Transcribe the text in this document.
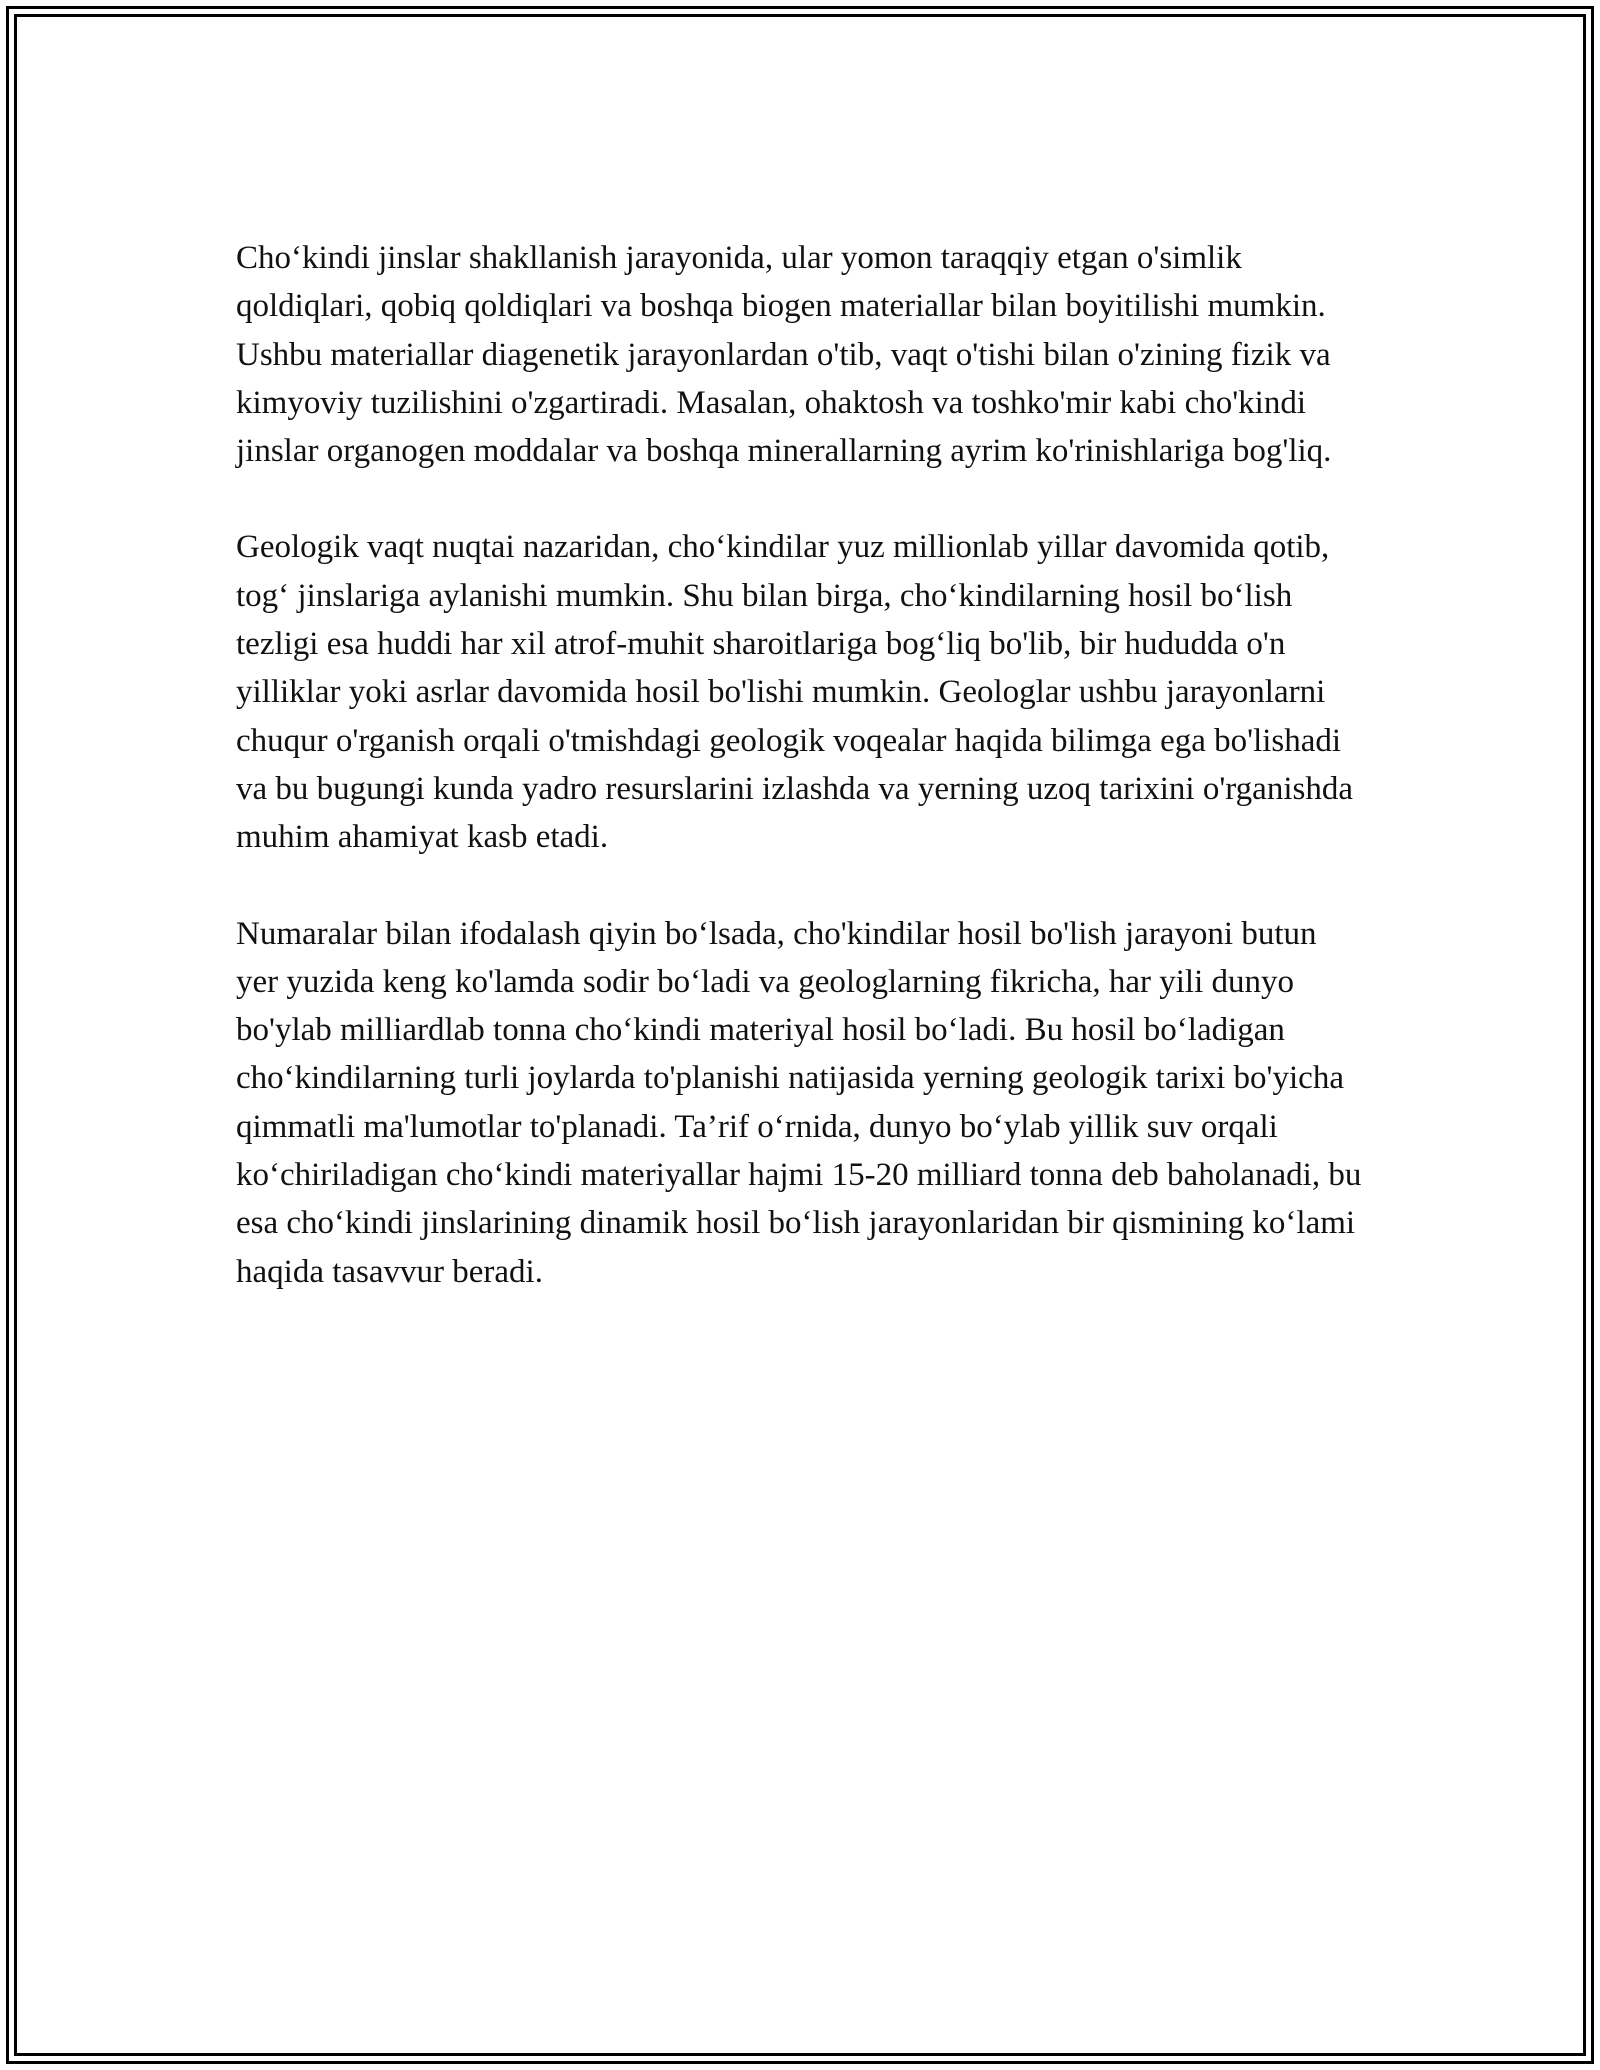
Cho‘kindi jinslar shakllanish jarayonida, ular yomon taraqqiy etgan o'simlik qoldiqlari, qobiq qoldiqlari va boshqa biogen materiallar bilan boyitilishi mumkin. Ushbu materiallar diagenetik jarayonlardan o'tib, vaqt o'tishi bilan o'zining fizik va kimyoviy tuzilishini o'zgartiradi. Masalan, ohaktosh va toshko'mir kabi cho'kindi jinslar organogen moddalar va boshqa minerallarning ayrim ko'rinishlariga bog'liq.

Geologik vaqt nuqtai nazaridan, cho‘kindilar yuz millionlab yillar davomida qotib, tog‘ jinslariga aylanishi mumkin. Shu bilan birga, cho‘kindilarning hosil bo‘lish tezligi esa huddi har xil atrof-muhit sharoitlariga bog‘liq bo'lib, bir hududda o'n yilliklar yoki asrlar davomida hosil bo'lishi mumkin. Geologlar ushbu jarayonlarni chuqur o'rganish orqali o'tmishdagi geologik voqealar haqida bilimga ega bo'lishadi va bu bugungi kunda yadro resurslarini izlashda va yerning uzoq tarixini o'rganishda muhim ahamiyat kasb etadi.

Numaralar bilan ifodalash qiyin bo‘lsada, cho'kindilar hosil bo'lish jarayoni butun yer yuzida keng ko'lamda sodir bo‘ladi va geologlarning fikricha, har yili dunyo bo'ylab milliardlab tonna cho‘kindi materiyal hosil bo‘ladi. Bu hosil bo‘ladigan cho‘kindilarning turli joylarda to'planishi natijasida yerning geologik tarixi bo'yicha qimmatli ma'lumotlar to'planadi. Ta’rif o‘rnida, dunyo bo‘ylab yillik suv orqali ko‘chiriladigan cho‘kindi materiyallar hajmi 15-20 milliard tonna deb baholanadi, bu esa cho‘kindi jinslarining dinamik hosil bo‘lish jarayonlaridan bir qismining ko‘lami haqida tasavvur beradi.
